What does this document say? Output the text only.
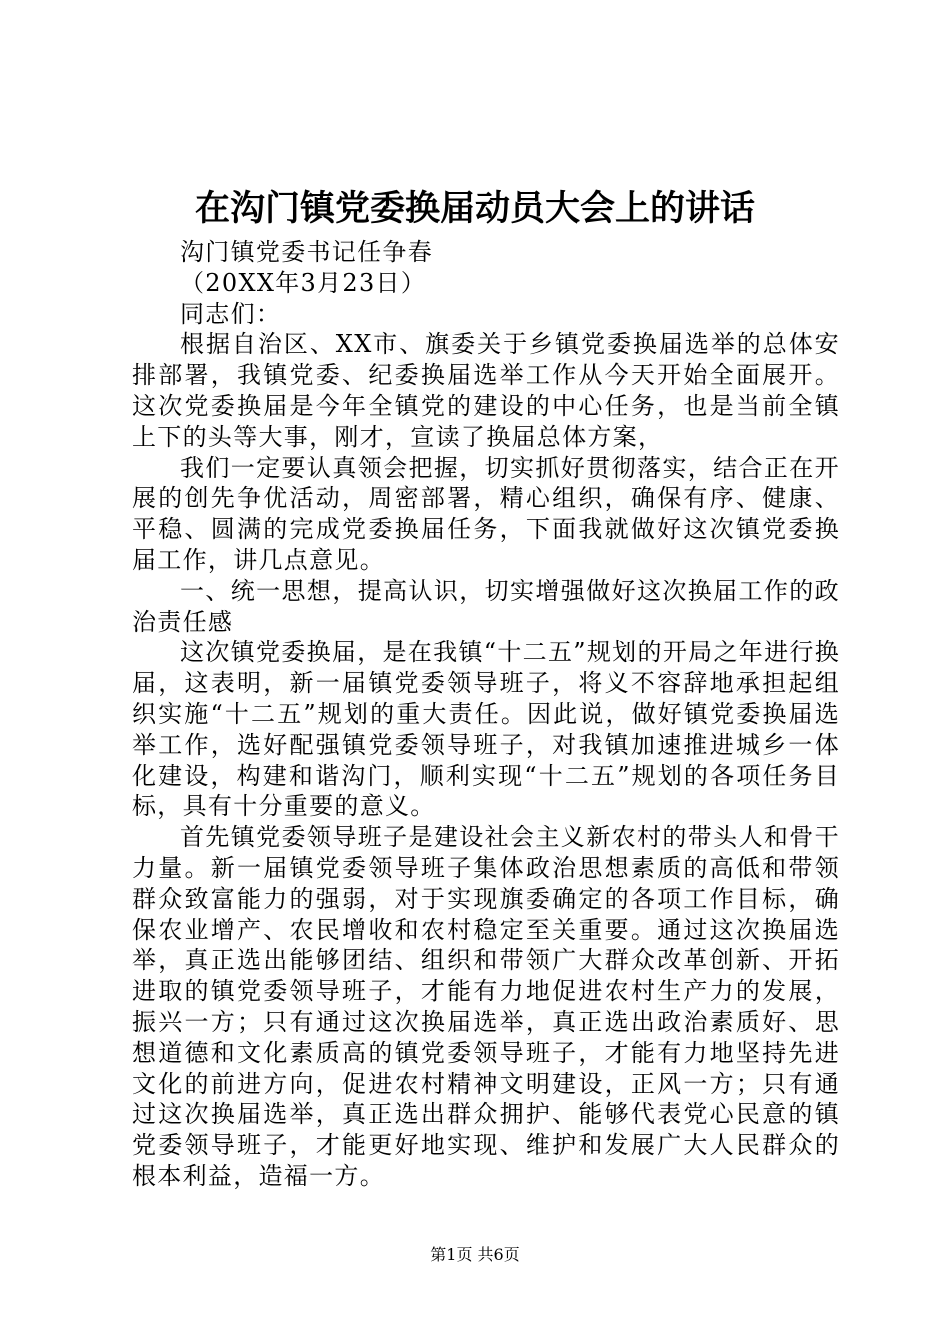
在沟门镇党委换届动员大会上的讲话

沟门镇党委书记任争春

（20XX年3月23日）

同志们：

根据自治区、XX市、旗委关于乡镇党委换届选举的总体安排部署，我镇党委、纪委换届选举工作从今天开始全面展开。这次党委换届是今年全镇党的建设的中心任务，也是当前全镇上下的头等大事，刚才，宣读了换届总体方案，

我们一定要认真领会把握，切实抓好贯彻落实，结合正在开展的创先争优活动，周密部署，精心组织，确保有序、健康、平稳、圆满的完成党委换届任务，下面我就做好这次镇党委换届工作，讲几点意见。

一、统一思想，提高认识，切实增强做好这次换届工作的政治责任感

这次镇党委换届，是在我镇“十二五”规划的开局之年进行换届，这表明，新一届镇党委领导班子，将义不容辞地承担起组织实施“十二五”规划的重大责任。因此说，做好镇党委换届选举工作，选好配强镇党委领导班子，对我镇加速推进城乡一体化建设，构建和谐沟门，顺利实现“十二五”规划的各项任务目标，具有十分重要的意义。

首先镇党委领导班子是建设社会主义新农村的带头人和骨干力量。新一届镇党委领导班子集体政治思想素质的高低和带领群众致富能力的强弱，对于实现旗委确定的各项工作目标，确保农业增产、农民增收和农村稳定至关重要。通过这次换届选举，真正选出能够团结、组织和带领广大群众改革创新、开拓进取的镇党委领导班子，才能有力地促进农村生产力的发展，振兴一方；只有通过这次换届选举，真正选出政治素质好、思想道德和文化素质高的镇党委领导班子，才能有力地坚持先进文化的前进方向，促进农村精神文明建设，正风一方；只有通过这次换届选举，真正选出群众拥护、能够代表党心民意的镇党委领导班子，才能更好地实现、维护和发展广大人民群众的根本利益，造福一方。

第1页 共6页
